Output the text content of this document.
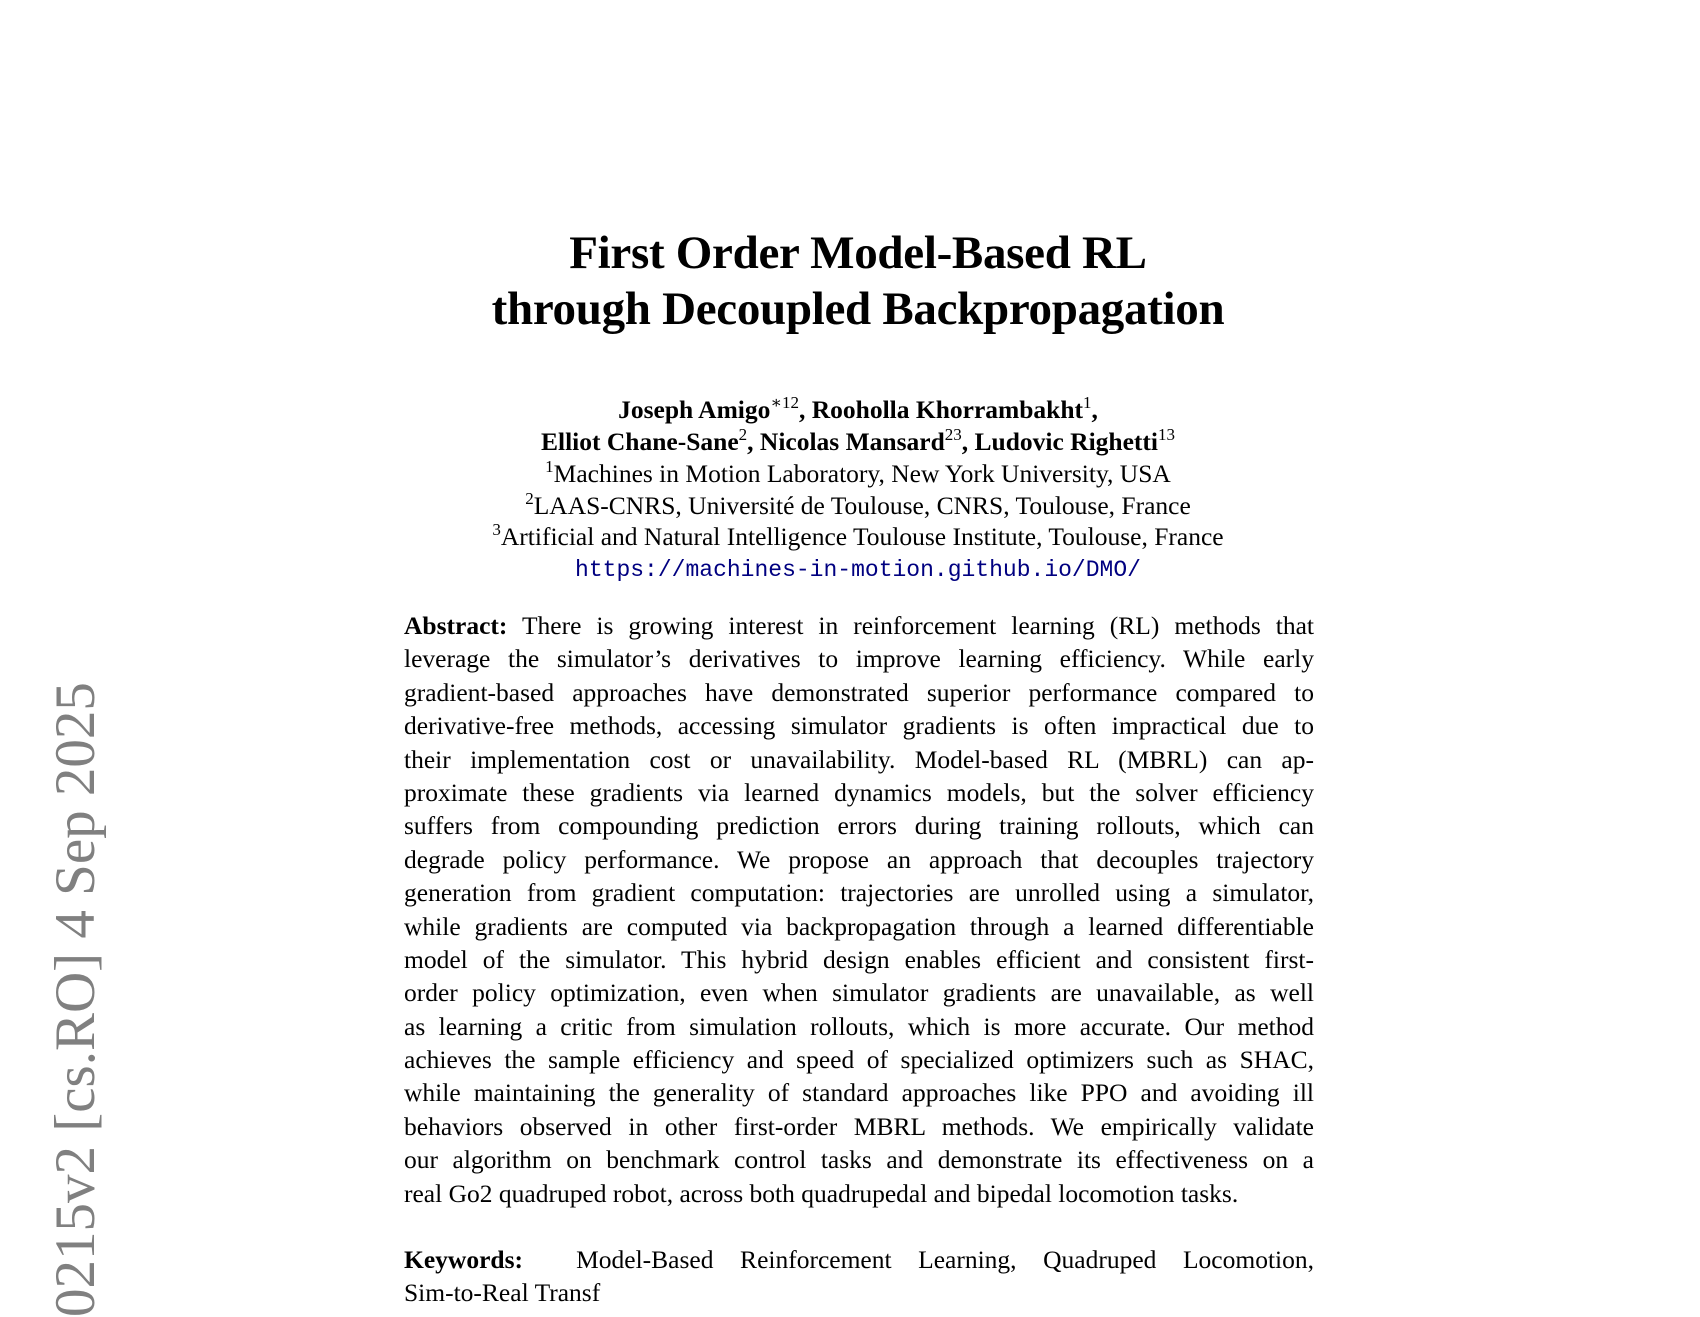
0215v2 [cs.RO] 4 Sep 2025
First Order Model-Based RL
through Decoupled Backpropagation
Joseph Amigo$^{∗12}$, Rooholla Khorrambakht$^1$,
Elliot Chane-Sane$^2$, Nicolas Mansard$^{23}$, Ludovic Righetti$^{13}$
$^1$Machines in Motion Laboratory, New York University, USA
$^2$LAAS-CNRS, Université de Toulouse, CNRS, Toulouse, France
$^3$Artificial and Natural Intelligence Toulouse Institute, Toulouse, France
https://machines-in-motion.github.io/DMO/
Abstract: There is growing interest in reinforcement learning (RL) methods that
leverage the simulator’s derivatives to improve learning efficiency. While early
gradient-based approaches have demonstrated superior performance compared to
derivative-free methods, accessing simulator gradients is often impractical due to
their implementation cost or unavailability. Model-based RL (MBRL) can ap-
proximate these gradients via learned dynamics models, but the solver efficiency
suffers from compounding prediction errors during training rollouts, which can
degrade policy performance. We propose an approach that decouples trajectory
generation from gradient computation: trajectories are unrolled using a simulator,
while gradients are computed via backpropagation through a learned differentiable
model of the simulator. This hybrid design enables efficient and consistent first-
order policy optimization, even when simulator gradients are unavailable, as well
as learning a critic from simulation rollouts, which is more accurate. Our method
achieves the sample efficiency and speed of specialized optimizers such as SHAC,
while maintaining the generality of standard approaches like PPO and avoiding ill
behaviors observed in other first-order MBRL methods. We empirically validate
our algorithm on benchmark control tasks and demonstrate its effectiveness on a
real Go2 quadruped robot, across both quadrupedal and bipedal locomotion tasks.
Keywords: Model-Based Reinforcement Learning, Quadruped Locomotion,
Sim-to-Real Transf
